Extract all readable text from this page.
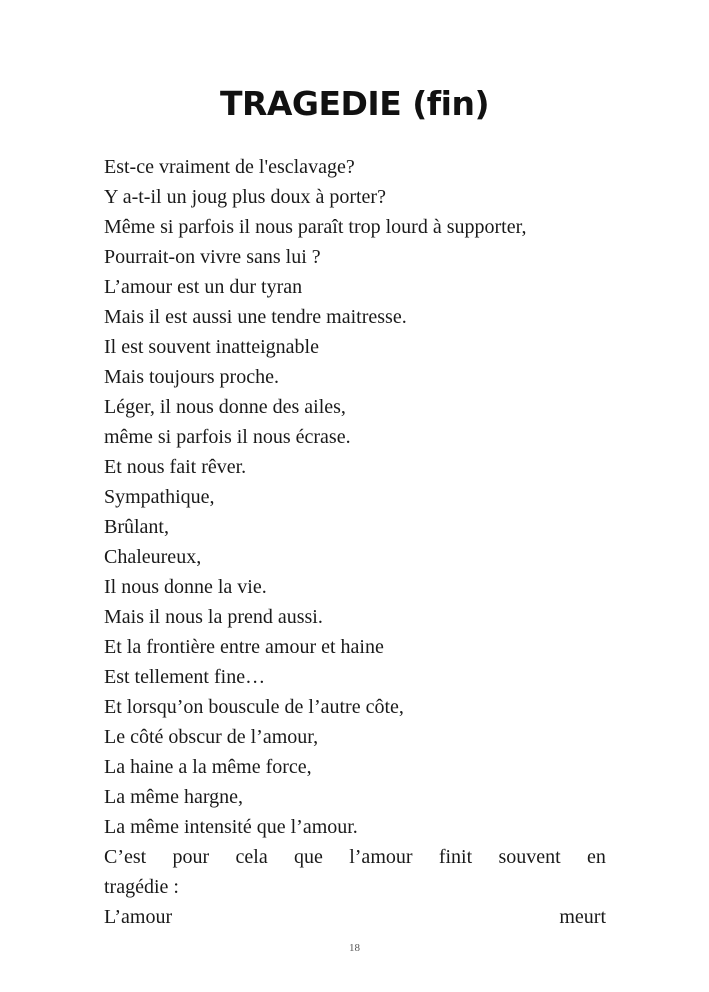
TRAGEDIE (fin)
Est-ce vraiment de l'esclavage?
Y a-t-il un joug plus doux à porter?
Même si parfois il nous paraît trop lourd à supporter,
Pourrait-on vivre sans lui ?
L’amour est un dur tyran
Mais il est aussi une tendre maitresse.
Il est souvent inatteignable
Mais toujours proche.
Léger, il nous donne des ailes,
même si parfois il nous écrase.
Et nous fait rêver.
Sympathique,
Brûlant,
Chaleureux,
Il nous donne la vie.
Mais il nous la prend aussi.
Et la frontière entre amour et haine
Est tellement fine…
Et lorsqu’on bouscule de l’autre côte,
Le côté obscur de l’amour,
La haine a la même force,
La même hargne,
La même intensité que l’amour.
C’est pour cela que l’amour finit souvent en
tragédie :
L’amour	meurt
18
